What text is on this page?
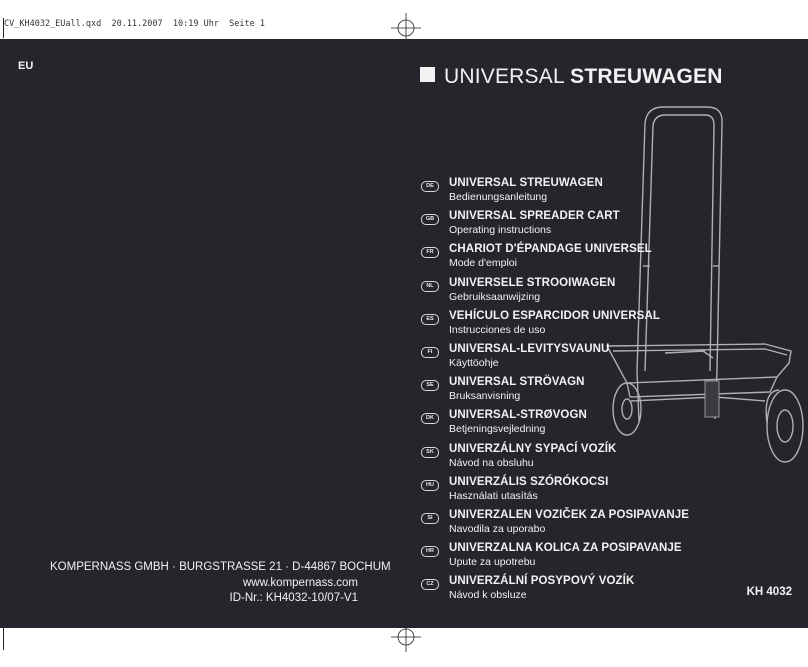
CV_KH4032_EUall.qxd  20.11.2007  10:19 Uhr  Seite 1
EU	UNIVERSAL STREUWAGEN
DE	UNIVERSAL STREUWAGEN
Bedienungsanleitung
GB	UNIVERSAL SPREADER CART
Operating instructions
FR	CHARIOT D'ÉPANDAGE UNIVERSEL
Mode d'emploi
NL	UNIVERSELE STROOIWAGEN
Gebruiksaanwijzing
ES	VEHÍCULO ESPARCIDOR UNIVERSAL
Instrucciones de uso
FI	UNIVERSAL-LEVITYSVAUNU
Käyttöohje
SE	UNIVERSAL STRÖVAGN
Bruksanvisning
DK	UNIVERSAL-STRØVOGN
Betjeningsvejledning
SK	UNIVERZÁLNY SYPACÍ VOZÍK
Návod na obsluhu
HU	UNIVERZÁLIS SZÓRÓKOCSI
Használati utasítás
SI	UNIVERZALEN VOZIČEK ZA POSIPAVANJE
Navodila za uporabo
HR	UNIVERZALNA KOLICA ZA POSIPAVANJE
Upute za upotrebu
CZ	UNIVERZÁLNÍ POSYPOVÝ VOZÍK
Návod k obsluze
KOMPERNASS GMBH · BURGSTRASSE 21 · D-44867 BOCHUM
www.kompernass.com
ID-Nr.: KH4032-10/07-V1	KH 4032
